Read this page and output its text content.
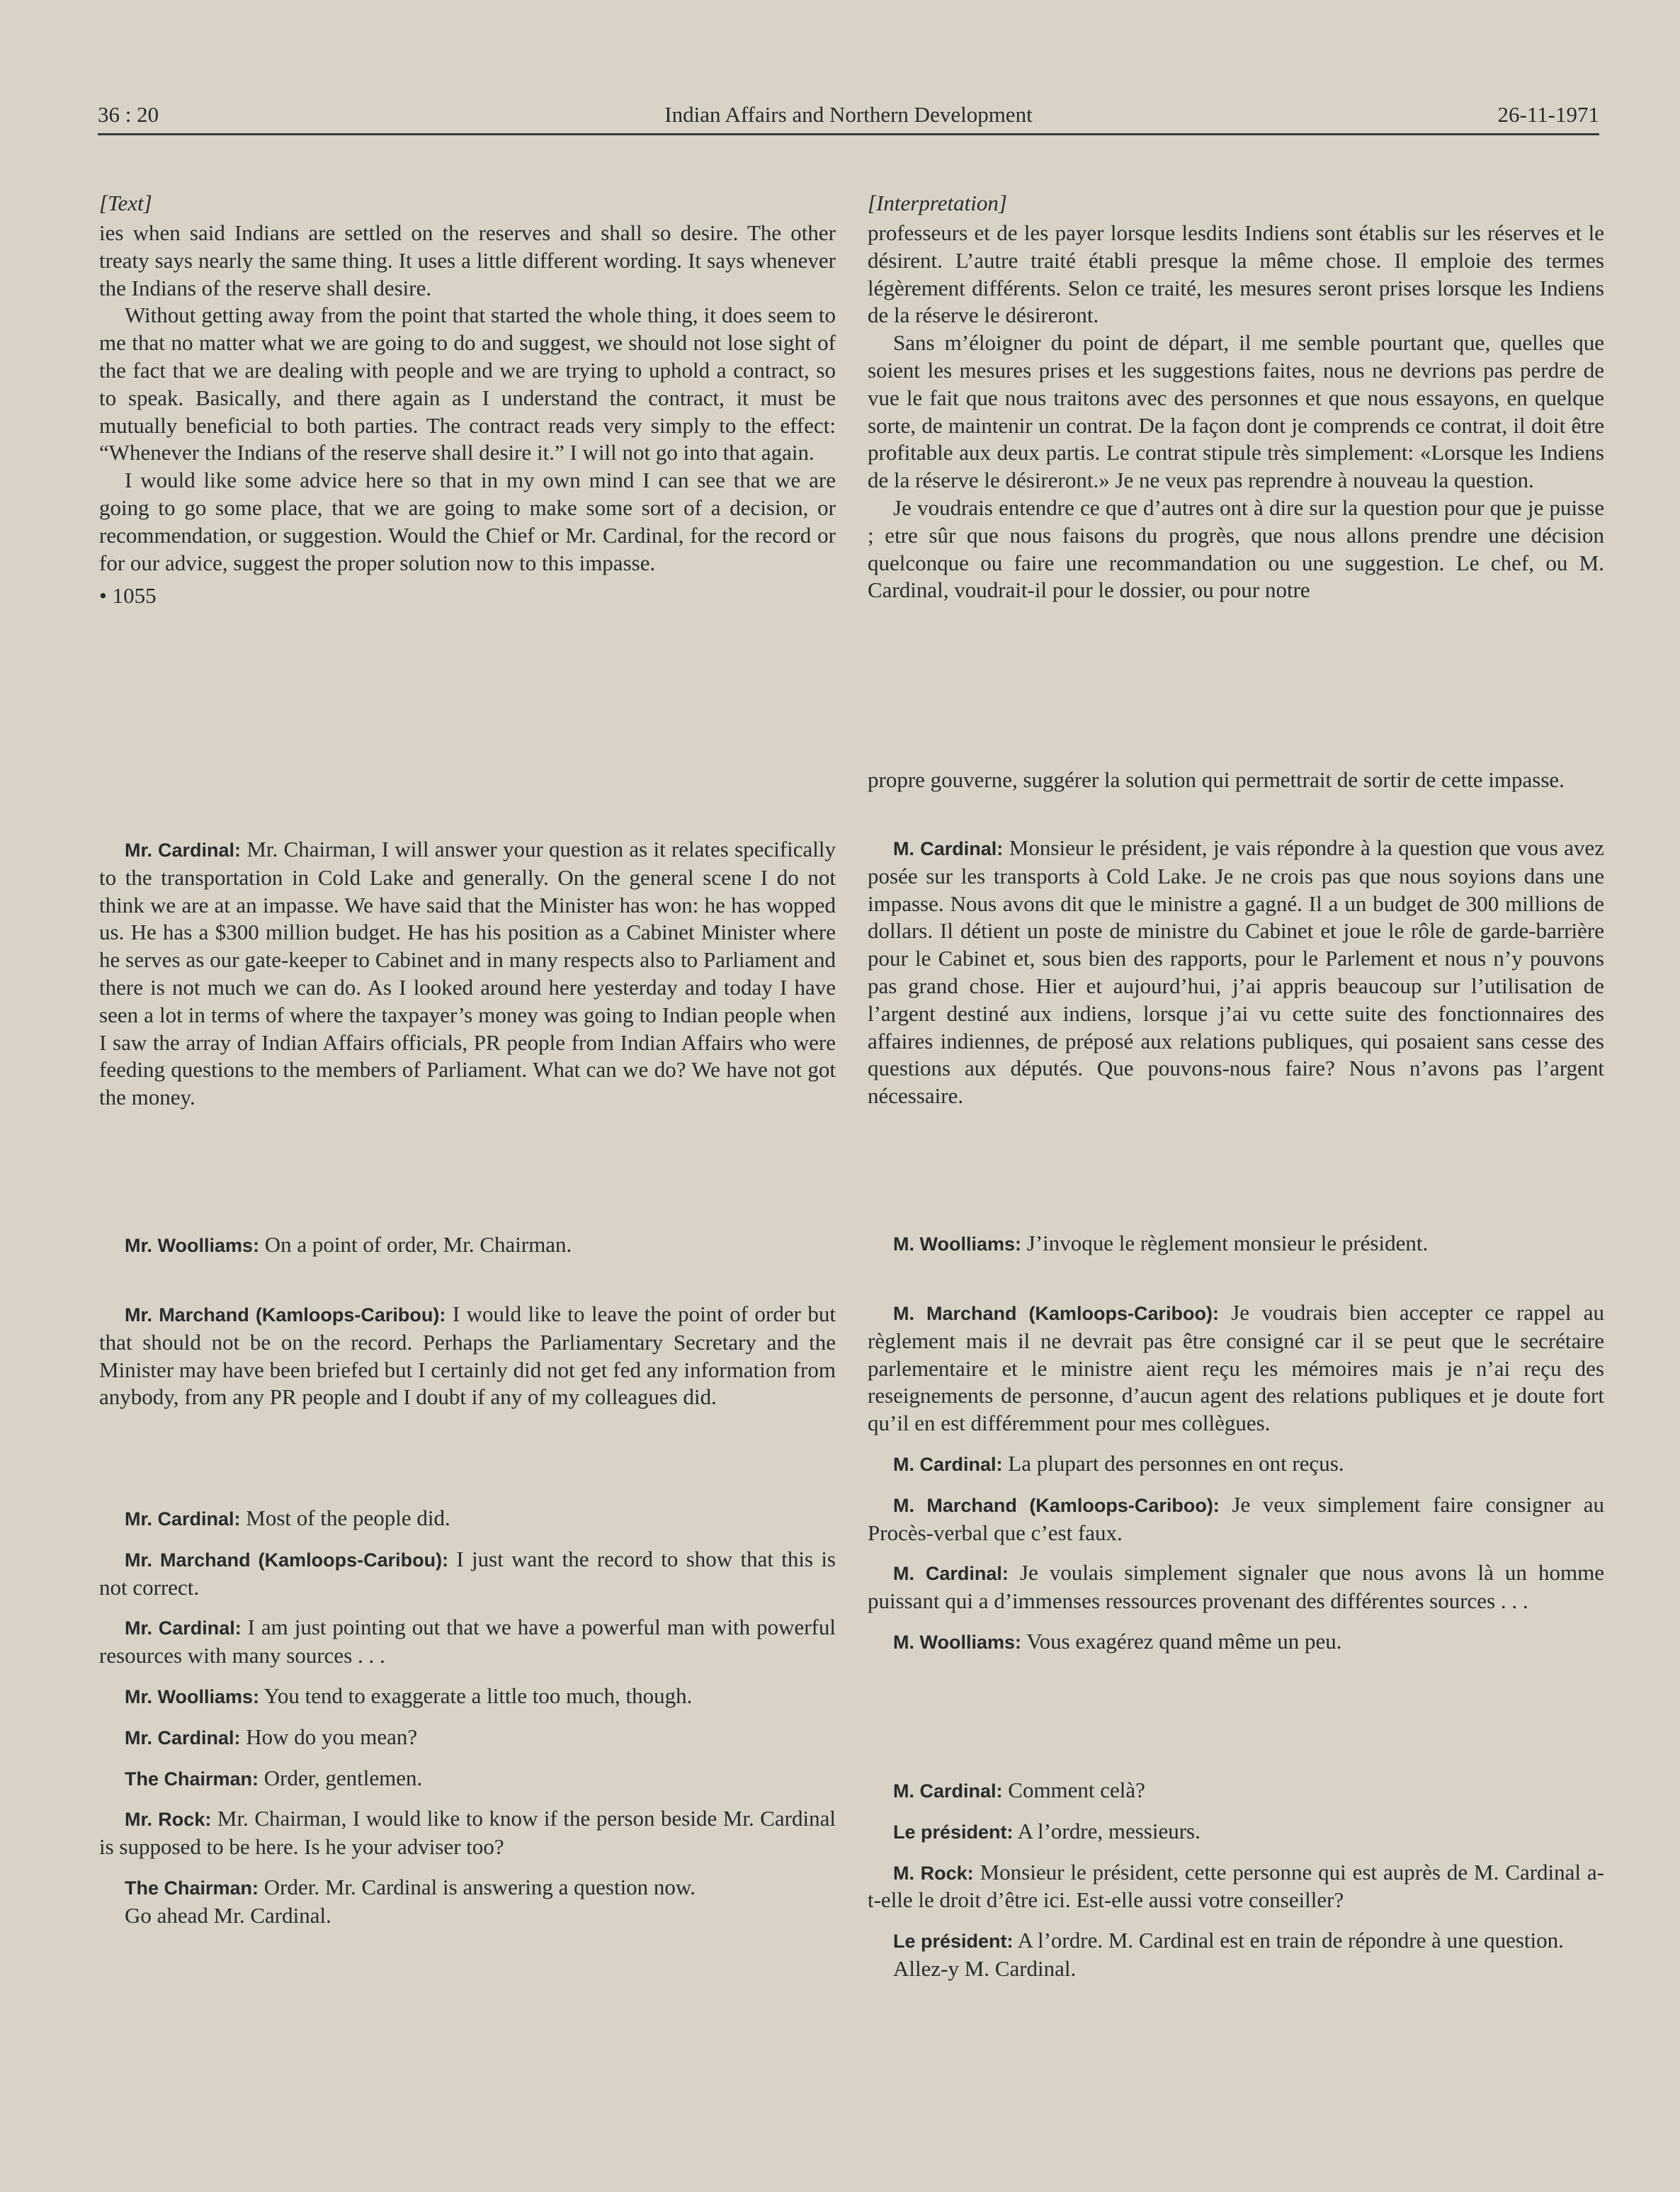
36 : 20	Indian Affairs and Northern Development	26-11-1971

[Text]

ies when said Indians are settled on the reserves and shall so desire. The other treaty says nearly the same thing. It uses a little different wording. It says whenever the Indians of the reserve shall desire.

Without getting away from the point that started the whole thing, it does seem to me that no matter what we are going to do and suggest, we should not lose sight of the fact that we are dealing with people and we are trying to uphold a contract, so to speak. Basically, and there again as I understand the contract, it must be mutually beneficial to both parties. The contract reads very simply to the effect: “Whenever the Indians of the reserve shall desire it.” I will not go into that again.

I would like some advice here so that in my own mind I can see that we are going to go some place, that we are going to make some sort of a decision, or recommendation, or suggestion. Would the Chief or Mr. Cardinal, for the record or for our advice, suggest the proper solution now to this impasse.

• 1055

Mr. Cardinal: Mr. Chairman, I will answer your question as it relates specifically to the transportation in Cold Lake and generally. On the general scene I do not think we are at an impasse. We have said that the Minister has won: he has wopped us. He has a $300 million budget. He has his position as a Cabinet Minister where he serves as our gate-keeper to Cabinet and in many respects also to Parliament and there is not much we can do. As I looked around here yesterday and today I have seen a lot in terms of where the taxpayer’s money was going to Indian people when I saw the array of Indian Affairs officials, PR people from Indian Affairs who were feeding questions to the members of Parliament. What can we do? We have not got the money.

Mr. Woolliams: On a point of order, Mr. Chairman.

Mr. Marchand (Kamloops-Caribou): I would like to leave the point of order but that should not be on the record. Perhaps the Parliamentary Secretary and the Minister may have been briefed but I certainly did not get fed any information from anybody, from any PR people and I doubt if any of my colleagues did.

Mr. Cardinal: Most of the people did.

Mr. Marchand (Kamloops-Caribou): I just want the record to show that this is not correct.

Mr. Cardinal: I am just pointing out that we have a powerful man with powerful resources with many sources . . .

Mr. Woolliams: You tend to exaggerate a little too much, though.

Mr. Cardinal: How do you mean?

The Chairman: Order, gentlemen.

Mr. Rock: Mr. Chairman, I would like to know if the person beside Mr. Cardinal is supposed to be here. Is he your adviser too?

The Chairman: Order. Mr. Cardinal is answering a question now.

Go ahead Mr. Cardinal.

[Interpretation]

professeurs et de les payer lorsque lesdits Indiens sont établis sur les réserves et le désirent. L’autre traité établi presque la même chose. Il emploie des termes légèrement différents. Selon ce traité, les mesures seront prises lorsque les Indiens de la réserve le désireront.

Sans m’éloigner du point de départ, il me semble pourtant que, quelles que soient les mesures prises et les suggestions faites, nous ne devrions pas perdre de vue le fait que nous traitons avec des personnes et que nous essayons, en quelque sorte, de maintenir un contrat. De la façon dont je comprends ce contrat, il doit être profitable aux deux partis. Le contrat stipule très simplement: «Lorsque les Indiens de la réserve le désireront.» Je ne veux pas reprendre à nouveau la question.

Je voudrais entendre ce que d’autres ont à dire sur la question pour que je puisse ; etre sûr que nous faisons du progrès, que nous allons prendre une décision quelconque ou faire une recommandation ou une suggestion. Le chef, ou M. Cardinal, voudrait-il pour le dossier, ou pour notre

propre gouverne, suggérer la solution qui permettrait de sortir de cette impasse.

M. Cardinal: Monsieur le président, je vais répondre à la question que vous avez posée sur les transports à Cold Lake. Je ne crois pas que nous soyions dans une impasse. Nous avons dit que le ministre a gagné. Il a un budget de 300 millions de dollars. Il détient un poste de ministre du Cabinet et joue le rôle de garde-barrière pour le Cabinet et, sous bien des rapports, pour le Parlement et nous n’y pouvons pas grand chose. Hier et aujourd’hui, j’ai appris beaucoup sur l’utilisation de l’argent destiné aux indiens, lorsque j’ai vu cette suite des fonctionnaires des affaires indiennes, de préposé aux relations publiques, qui posaient sans cesse des questions aux députés. Que pouvons-nous faire? Nous n’avons pas l’argent nécessaire.

M. Woolliams: J’invoque le règlement monsieur le président.

M. Marchand (Kamloops-Cariboo): Je voudrais bien accepter ce rappel au règlement mais il ne devrait pas être consigné car il se peut que le secrétaire parlementaire et le ministre aient reçu les mémoires mais je n’ai reçu des reseignements de personne, d’aucun agent des relations publiques et je doute fort qu’il en est différemment pour mes collègues.

M. Cardinal: La plupart des personnes en ont reçus.

M. Marchand (Kamloops-Cariboo): Je veux simplement faire consigner au Procès-verbal que c’est faux.

M. Cardinal: Je voulais simplement signaler que nous avons là un homme puissant qui a d’immenses ressources provenant des différentes sources . . .

M. Woolliams: Vous exagérez quand même un peu.

M. Cardinal: Comment celà?

Le président: A l’ordre, messieurs.

M. Rock: Monsieur le président, cette personne qui est auprès de M. Cardinal a-t-elle le droit d’être ici. Est-elle aussi votre conseiller?

Le président: A l’ordre. M. Cardinal est en train de répondre à une question.

Allez-y M. Cardinal.
